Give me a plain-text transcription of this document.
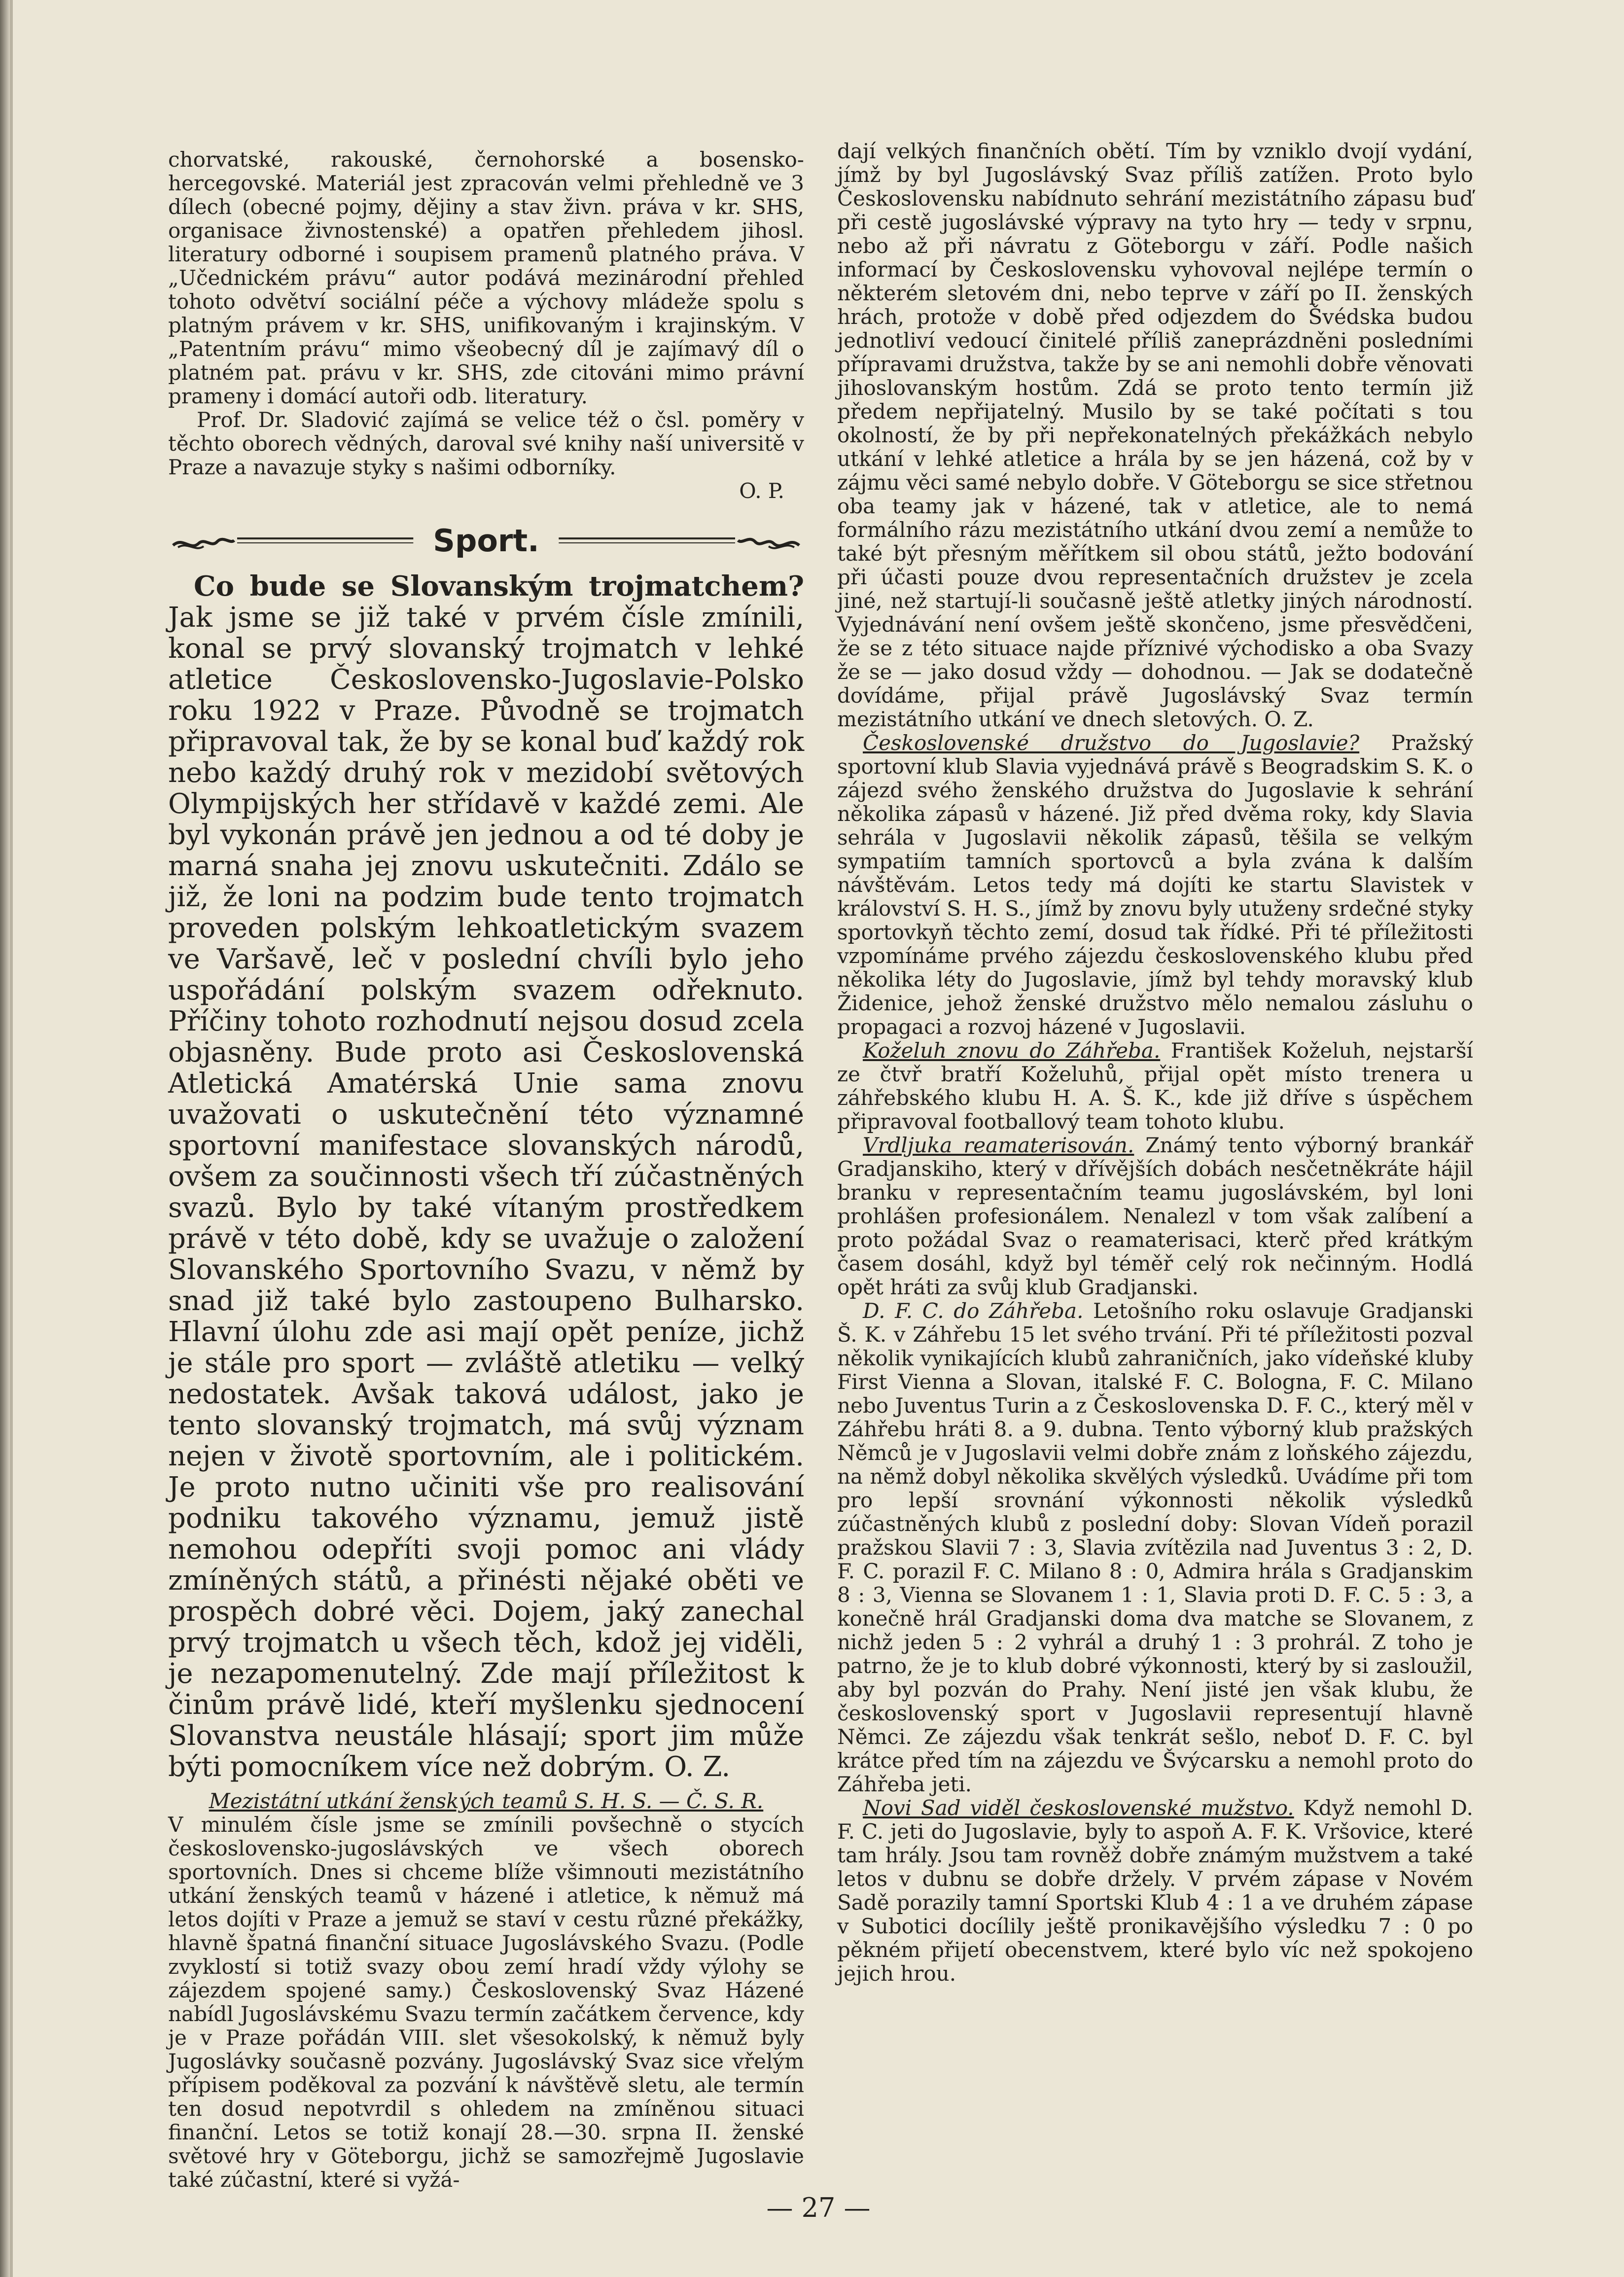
chorvatské, rakouské, černohorské a bosensko-hercegovské. Materiál jest zpracován velmi přehledně ve 3 dílech (obecné pojmy, dějiny a stav živn. práva v kr. SHS, organisace živnostenské) a opatřen přehledem jihosl. literatury odborné i soupisem pramenů platného práva. V „Učednickém právu“ autor podává mezinárodní přehled tohoto odvětví sociální péče a výchovy mládeže spolu s platným právem v kr. SHS, unifikovaným i krajinským. V „Patentním právu“ mimo všeobecný díl je zajímavý díl o platném pat. právu v kr. SHS, zde citováni mimo právní prameny i domácí autoři odb. literatury.

Prof. Dr. Sladović zajímá se velice též o čsl. poměry v těchto oborech vědných, daroval své knihy naší universitě v Praze a navazuje styky s našimi odborníky.

O. P.

Sport.

Co bude se Slovanským trojmatchem? Jak jsme se již také v prvém čísle zmínili, konal se prvý slovanský trojmatch v lehké atletice Československo-Jugoslavie-Polsko roku 1922 v Praze. Původně se trojmatch připravoval tak, že by se konal buď každý rok nebo každý druhý rok v mezidobí světových Olympijských her střídavě v každé zemi. Ale byl vykonán právě jen jednou a od té doby je marná snaha jej znovu uskutečniti. Zdálo se již, že loni na podzim bude tento trojmatch proveden polským lehkoatletickým svazem ve Varšavě, leč v poslední chvíli bylo jeho uspořádání polským svazem odřeknuto. Příčiny tohoto rozhodnutí nejsou dosud zcela objasněny. Bude proto asi Československá Atletická Amatérská Unie sama znovu uvažovati o uskutečnění této významné sportovní manifestace slovanských národů, ovšem za součinnosti všech tří zúčastněných svazů. Bylo by také vítaným prostředkem právě v této době, kdy se uvažuje o založení Slovanského Sportovního Svazu, v němž by snad již také bylo zastoupeno Bulharsko. Hlavní úlohu zde asi mají opět peníze, jichž je stále pro sport — zvláště atletiku — velký nedostatek. Avšak taková událost, jako je tento slovanský trojmatch, má svůj význam nejen v životě sportovním, ale i politickém. Je proto nutno učiniti vše pro realisování podniku takového významu, jemuž jistě nemohou odepříti svoji pomoc ani vlády zmíněných států, a přinésti nějaké oběti ve prospěch dobré věci. Dojem, jaký zanechal prvý trojmatch u všech těch, kdož jej viděli, je nezapomenutelný. Zde mají příležitost k činům právě lidé, kteří myšlenku sjednocení Slovanstva neustále hlásají; sport jim může býti pomocníkem více než dobrým. O. Z.

Mezistátní utkání ženských teamů S. H. S. — Č. S. R.

V minulém čísle jsme se zmínili povšechně o stycích československo-jugoslávských ve všech oborech sportovních. Dnes si chceme blíže všimnouti mezistátního utkání ženských teamů v házené i atletice, k němuž má letos dojíti v Praze a jemuž se staví v cestu různé překážky, hlavně špatná finanční situace Jugoslávského Svazu. (Podle zvyklostí si totiž svazy obou zemí hradí vždy výlohy se zájezdem spojené samy.) Československý Svaz Házené nabídl Jugoslávskému Svazu termín začátkem července, kdy je v Praze pořádán VIII. slet všesokolský, k němuž byly Jugoslávky současně pozvány. Jugoslávský Svaz sice vřelým přípisem poděkoval za pozvání k návštěvě sletu, ale termín ten dosud nepotvrdil s ohledem na zmíněnou situaci finanční. Letos se totiž konají 28.—30. srpna II. ženské světové hry v Göteborgu, jichž se samozřejmě Jugoslavie také zúčastní, které si vyžá-

dají velkých finančních obětí. Tím by vzniklo dvojí vydání, jímž by byl Jugoslávský Svaz příliš zatížen. Proto bylo Československu nabídnuto sehrání mezistátního zápasu buď při cestě jugoslávské výpravy na tyto hry — tedy v srpnu, nebo až při návratu z Göteborgu v září. Podle našich informací by Československu vyhovoval nejlépe termín o některém sletovém dni, nebo teprve v září po II. ženských hrách, protože v době před odjezdem do Švédska budou jednotliví vedoucí činitelé příliš zaneprázdněni posledními přípravami družstva, takže by se ani nemohli dobře věnovati jihoslovanským hostům. Zdá se proto tento termín již předem nepřijatelný. Musilo by se také počítati s tou okolností, že by při nepřekonatelných překážkách nebylo utkání v lehké atletice a hrála by se jen házená, což by v zájmu věci samé nebylo dobře. V Göteborgu se sice střetnou oba teamy jak v házené, tak v atletice, ale to nemá formálního rázu mezistátního utkání dvou zemí a nemůže to také být přesným měřítkem sil obou států, ježto bodování při účasti pouze dvou representačních družstev je zcela jiné, než startují-li současně ještě atletky jiných národností. Vyjednávání není ovšem ještě skončeno, jsme přesvědčeni, že se z této situace najde příznivé východisko a oba Svazy že se — jako dosud vždy — dohodnou. — Jak se dodatečně dovídáme, přijal právě Jugoslávský Svaz termín mezistátního utkání ve dnech sletových. O. Z.

Československé družstvo do Jugoslavie? Pražský sportovní klub Slavia vyjednává právě s Beogradskim S. K. o zájezd svého ženského družstva do Jugoslavie k sehrání několika zápasů v házené. Již před dvěma roky, kdy Slavia sehrála v Jugoslavii několik zápasů, těšila se velkým sympatiím tamních sportovců a byla zvána k dalším návštěvám. Letos tedy má dojíti ke startu Slavistek v království S. H. S., jímž by znovu byly utuženy srdečné styky sportovkyň těchto zemí, dosud tak řídké. Při té příležitosti vzpomínáme prvého zájezdu československého klubu před několika léty do Jugoslavie, jímž byl tehdy moravský klub Židenice, jehož ženské družstvo mělo nemalou zásluhu o propagaci a rozvoj házené v Jugoslavii.

Koželuh znovu do Záhřeba. František Koželuh, nejstarší ze čtvř bratří Koželuhů, přijal opět místo trenera u záhřebského klubu H. A. Š. K., kde již dříve s úspěchem připravoval footballový team tohoto klubu.

Vrdljuka reamaterisován. Známý tento výborný brankář Gradjanskiho, který v dřívějších dobách nesčetněkráte hájil branku v representačním teamu jugoslávském, byl loni prohlášen profesionálem. Nenalezl v tom však zalíbení a proto požádal Svaz o reamaterisaci, kterč před krátkým časem dosáhl, když byl téměř celý rok nečinným. Hodlá opět hráti za svůj klub Gradjanski.

D. F. C. do Záhřeba. Letošního roku oslavuje Gradjanski Š. K. v Záhřebu 15 let svého trvání. Při té příležitosti pozval několik vynikajících klubů zahraničních, jako vídeňské kluby First Vienna a Slovan, italské F. C. Bologna, F. C. Milano nebo Juventus Turin a z Československa D. F. C., který měl v Záhřebu hráti 8. a 9. dubna. Tento výborný klub pražských Němců je v Jugoslavii velmi dobře znám z loňského zájezdu, na němž dobyl několika skvělých výsledků. Uvádíme při tom pro lepší srovnání výkonnosti několik výsledků zúčastněných klubů z poslední doby: Slovan Vídeň porazil pražskou Slavii 7 : 3, Slavia zvítězila nad Juventus 3 : 2, D. F. C. porazil F. C. Milano 8 : 0, Admira hrála s Gradjanskim 8 : 3, Vienna se Slovanem 1 : 1, Slavia proti D. F. C. 5 : 3, a konečně hrál Gradjanski doma dva matche se Slovanem, z nichž jeden 5 : 2 vyhrál a druhý 1 : 3 prohrál. Z toho je patrno, že je to klub dobré výkonnosti, který by si zasloužil, aby byl pozván do Prahy. Není jisté jen však klubu, že československý sport v Jugoslavii representují hlavně Němci. Ze zájezdu však tenkrát sešlo, neboť D. F. C. byl krátce před tím na zájezdu ve Švýcarsku a nemohl proto do Záhřeba jeti.

Novi Sad viděl československé mužstvo. Když nemohl D. F. C. jeti do Jugoslavie, byly to aspoň A. F. K. Vršovice, které tam hrály. Jsou tam rovněž dobře známým mužstvem a také letos v dubnu se dobře držely. V prvém zápase v Novém Sadě porazily tamní Sportski Klub 4 : 1 a ve druhém zápase v Subotici docílily ještě pronikavějšího výsledku 7 : 0 po pěkném přijetí obecenstvem, které bylo víc než spokojeno jejich hrou.

— 27 —
